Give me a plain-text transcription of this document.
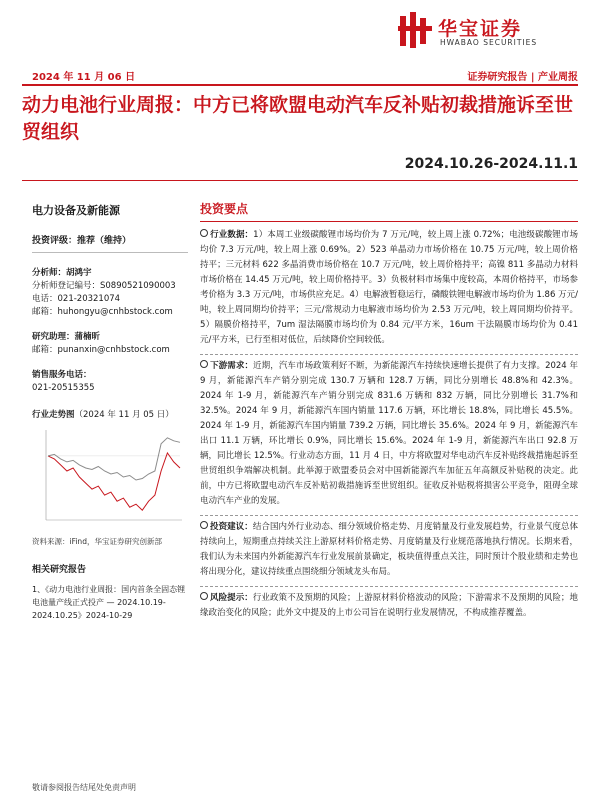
华宝证券
HWABAO SECURITIES
2024 年 11 月 06 日	证券研究报告 | 产业周报
动力电池行业周报：中方已将欧盟电动汽车反补贴初裁措施诉至世贸组织
2024.10.26-2024.11.1
电力设备及新能源
投资评级：推荐（维持）
分析师：胡鸿宇
分析师登记编号：S0890521090003
电话：021-20321074
邮箱：huhongyu@cnhbstock.com
研究助理：蒲楠昕
邮箱：punanxin@cnhbstock.com
销售服务电话：
021-20515355
行业走势图（2024 年 11 月 05 日）
资料来源：iFind，华宝证券研究创新部
相关研究报告
1、《动力电池行业周报：国内首条全固态锂电池量产线正式投产 — 2024.10.19-2024.10.25》2024-10-29
投资要点
行业数据：1）本周工业级碳酸锂市场均价为 7 万元/吨，较上周上涨 0.72%；电池级碳酸锂市场均价 7.3 万元/吨，较上周上涨 0.69%。2）523 单晶动力市场价格在 10.75 万元/吨，较上周价格持平；三元材料 622 多晶消费市场价格在 10.7 万元/吨，较上周价格持平；高镍 811 多晶动力材料市场价格在 14.45 万元/吨，较上周价格持平。3）负极材料市场集中度较高，本周价格持平，市场参考价格为 3.3 万元/吨，市场供应充足。4）电解液暂稳运行，磷酸铁锂电解液市场均价为 1.86 万元/吨，较上周同期均价持平；三元/常规动力电解液市场均价为 2.53 万元/吨，较上周同期均价持平。5）隔膜价格持平，7um 湿法隔膜市场均价为 0.84 元/平方米，16um 干法隔膜市场均价为 0.41 元/平方米，已行至相对低位，后续降价空间较低。
下游需求：近期，汽车市场政策利好不断，为新能源汽车持续快速增长提供了有力支撑。2024 年 9 月，新能源汽车产销分别完成 130.7 万辆和 128.7 万辆，同比分别增长 48.8%和 42.3%。2024 年 1-9 月，新能源汽车产销分别完成 831.6 万辆和 832 万辆，同比分别增长 31.7%和 32.5%。2024 年 9 月，新能源汽车国内销量 117.6 万辆，环比增长 18.8%，同比增长 45.5%。2024 年 1-9 月，新能源汽车国内销量 739.2 万辆，同比增长 35.6%。2024 年 9 月，新能源汽车出口 11.1 万辆，环比增长 0.9%，同比增长 15.6%。2024 年 1-9 月，新能源汽车出口 92.8 万辆，同比增长 12.5%。行业动态方面，11 月 4 日，中方将欧盟对华电动汽车反补贴终裁措施起诉至世贸组织争端解决机制。此举源于欧盟委员会对中国新能源汽车加征五年高额反补贴税的决定。此前，中方已将欧盟电动汽车反补贴初裁措施诉至世贸组织。征收反补贴税将损害公平竞争，阻碍全球电动汽车产业的发展。
投资建议：结合国内外行业动态、细分领域价格走势、月度销量及行业发展趋势，行业景气度总体持续向上，短期重点持续关注上游原材料价格走势、月度销量及行业规范落地执行情况。长期来看，我们认为未来国内外新能源汽车行业发展前景确定，板块值得重点关注，同时预计个股业绩和走势也将出现分化，建议持续重点围绕细分领域龙头布局。
风险提示：行业政策不及预期的风险；上游原材料价格波动的风险；下游需求不及预期的风险；地缘政治变化的风险；此外文中提及的上市公司旨在说明行业发展情况，不构成推荐覆盖。
敬请参阅报告结尾处免责声明
